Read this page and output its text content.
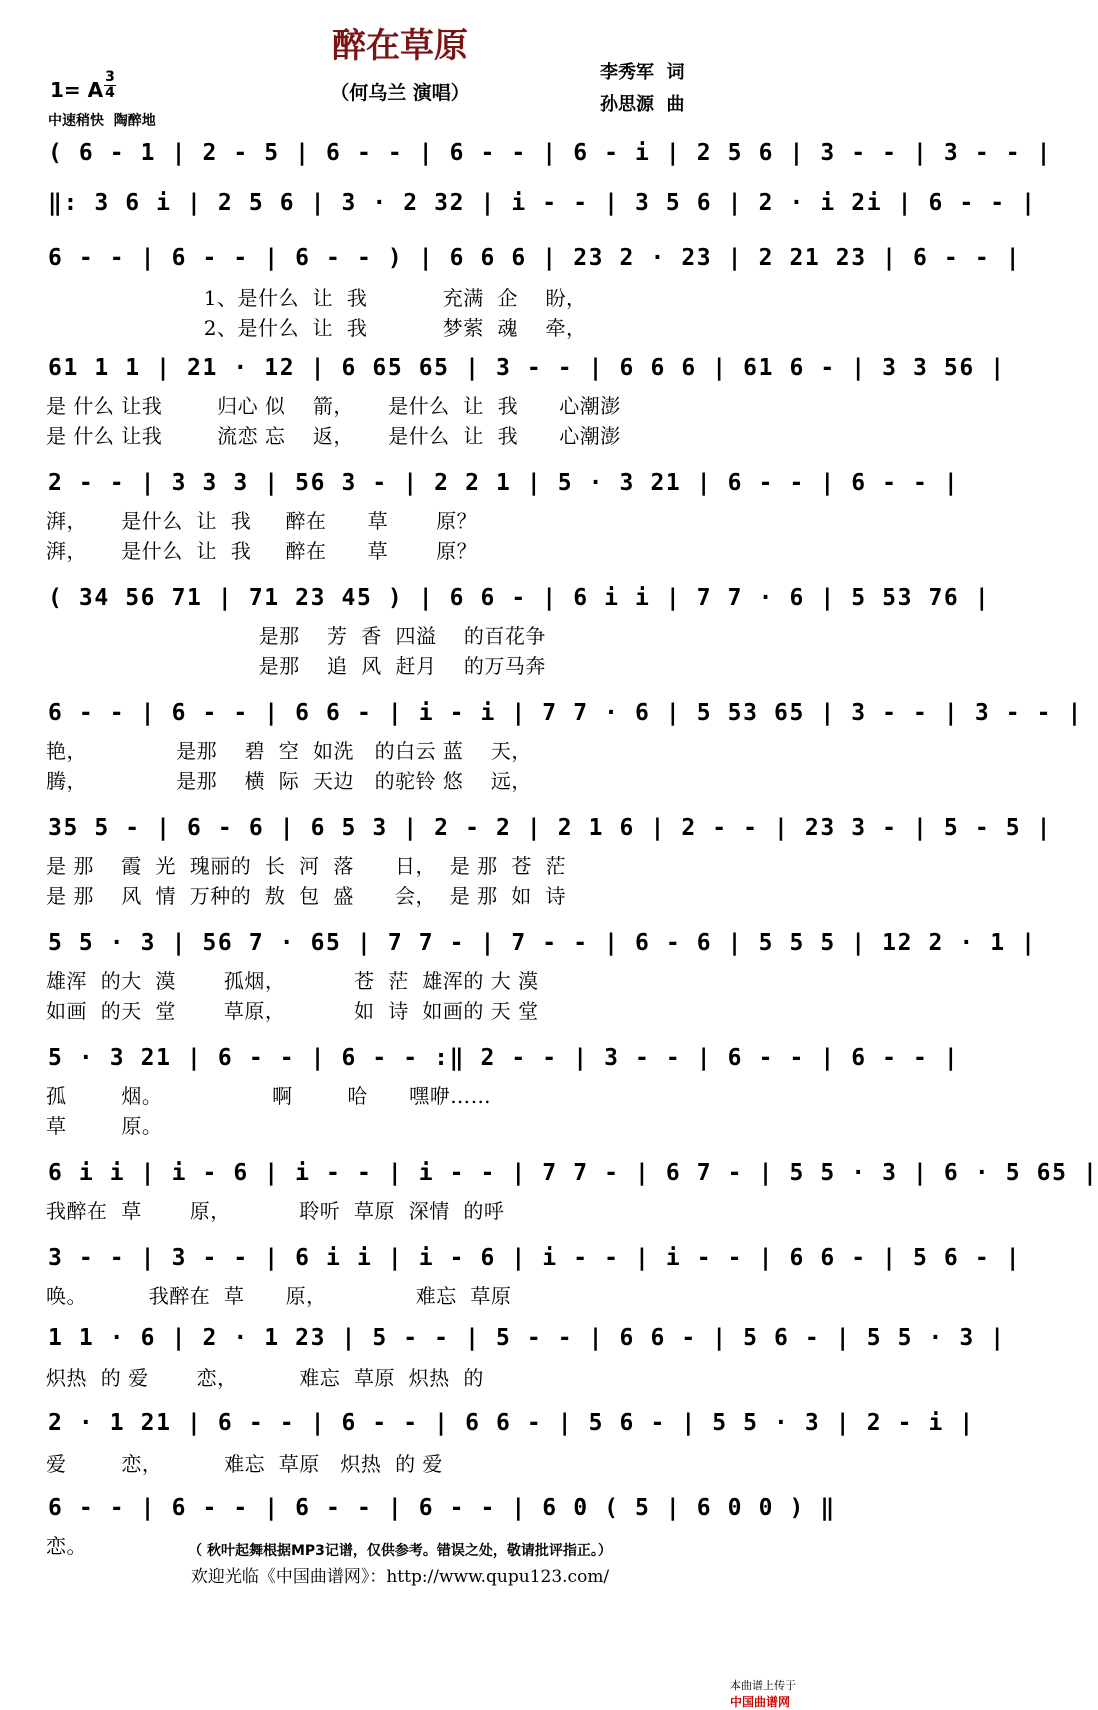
醉在草原
（何乌兰 演唱）
李秀军  词
孙思源  曲
1= A $\frac{3}{4}$
中速稍快  陶醉地
( 6 - 1 | 2 - 5 | 6 - - | 6 - - | 6 - i | 2 5 6 | 3 - - | 3 - - |
‖: 3 6 i | 2 5 6 | 3 · 2 32 | i - - | 3 5 6 | 2 · i 2i | 6 - - |
6 - - | 6 - - | 6 - - ) | 6 6 6 | 23 2 · 23 | 2 21 23 | 6 - - |
1、是什么  让  我           充满  企    盼，
2、是什么  让  我           梦萦  魂    牵，
61 1 1 | 21 · 12 | 6 65 65 | 3 - - | 6 6 6 | 61 6 - | 3 3 56 |
是 什么 让我        归心 似    箭，     是什么  让  我      心潮澎
是 什么 让我        流恋 忘    返，     是什么  让  我      心潮澎
2 - - | 3 3 3 | 56 3 - | 2 2 1 | 5 · 3 21 | 6 - - | 6 - - |
湃，     是什么  让  我     醉在      草       原？
湃，     是什么  让  我     醉在      草       原？
( 34 56 71 | 71 23 45 ) | 6 6 - | 6 i i | 7 7 · 6 | 5 53 76 |
是那    芳  香  四溢    的百花争
是那    追  风  赶月    的万马奔
6 - - | 6 - - | 6 6 - | i - i | 7 7 · 6 | 5 53 65 | 3 - - | 3 - - |
艳，             是那    碧  空  如洗   的白云 蓝    天，
腾，             是那    横  际  天边   的驼铃 悠    远，
35 5 - | 6 - 6 | 6 5 3 | 2 - 2 | 2 1 6 | 2 - - | 23 3 - | 5 - 5 |
是 那    霞  光  瑰丽的  长  河  落      日，  是 那  苍  茫
是 那    风  情  万种的  敖  包  盛      会，  是 那  如  诗
5 5 · 3 | 56 7 · 65 | 7 7 - | 7 - - | 6 - 6 | 5 5 5 | 12 2 · 1 |
雄浑  的大  漠       孤烟，          苍  茫  雄浑的 大 漠
如画  的天  堂       草原，          如  诗  如画的 天 堂
5 · 3 21 | 6 - - | 6 - - :‖ 2 - - | 3 - - | 6 - - | 6 - - |
孤        烟。                啊        哈      嘿咿……
草        原。
6 i i | i - 6 | i - - | i - - | 7 7 - | 6 7 - | 5 5 · 3 | 6 · 5 65 |
我醉在  草       原，          聆听  草原  深情  的呼
3 - - | 3 - - | 6 i i | i - 6 | i - - | i - - | 6 6 - | 5 6 - |
唤。         我醉在  草      原，             难忘  草原
1 1 · 6 | 2 · 1 23 | 5 - - | 5 - - | 6 6 - | 5 6 - | 5 5 · 3 |
炽热  的 爱       恋，         难忘  草原  炽热  的
2 · 1 21 | 6 - - | 6 - - | 6 6 - | 5 6 - | 5 5 · 3 | 2 - i |
爱        恋，         难忘  草原   炽热  的 爱
6 - - | 6 - - | 6 - - | 6 - - | 6 0 ( 5 | 6 0 0 ) ‖
恋。	（ 秋叶起舞根据MP3记谱，仅供参考。错误之处，敬请批评指正。）
欢迎光临《中国曲谱网》：http://www.qupu123.com/

本曲谱上传于
中国曲谱网
